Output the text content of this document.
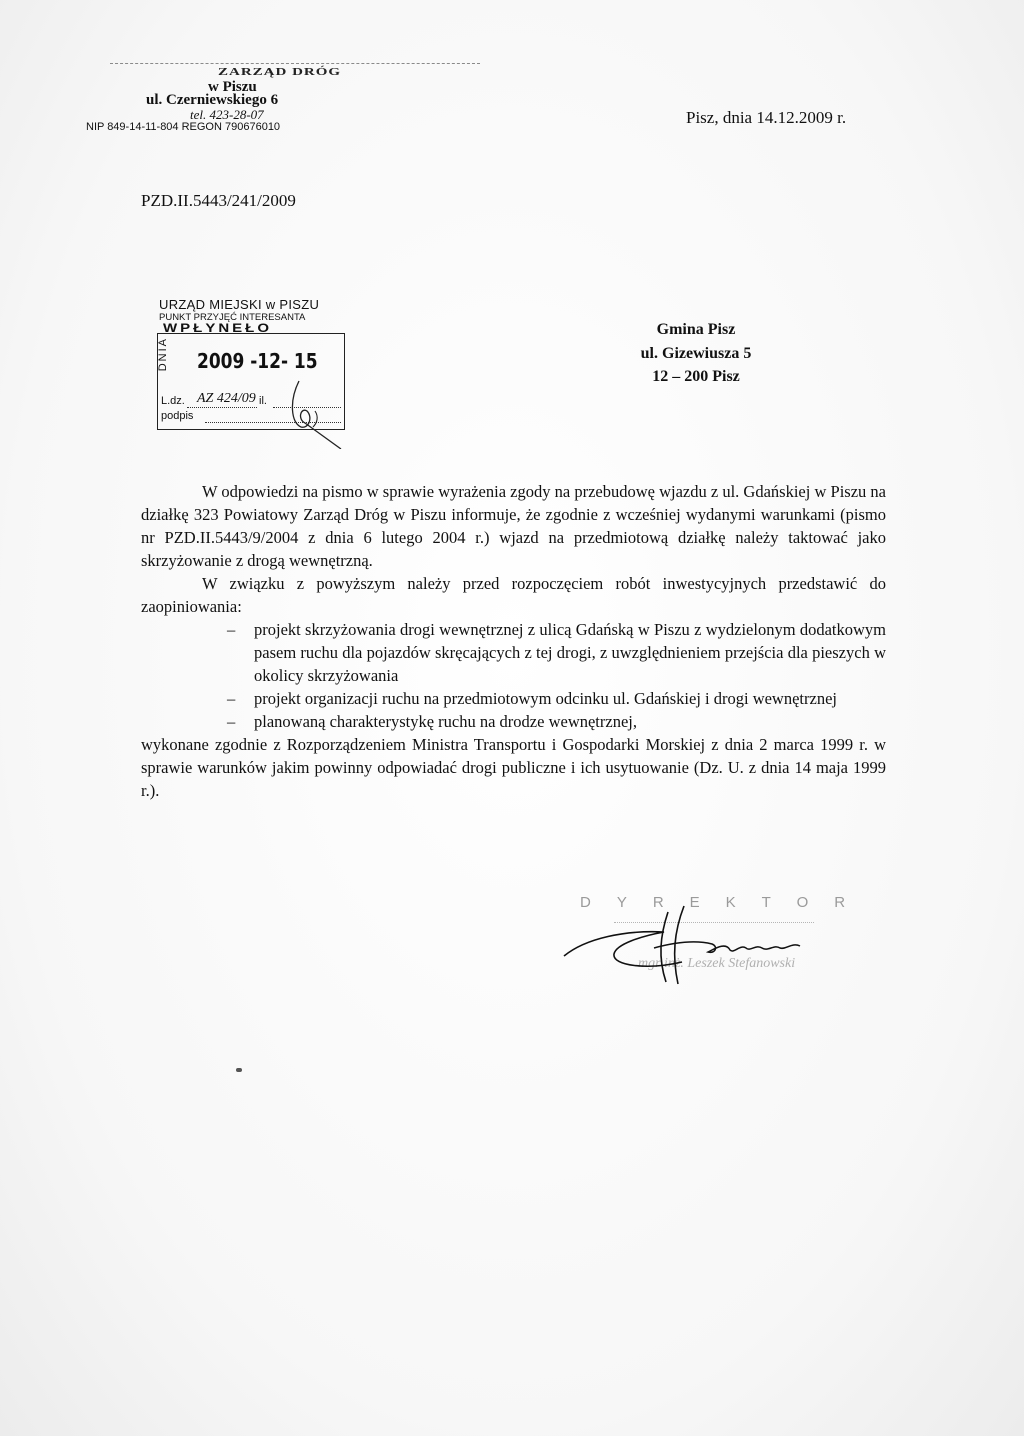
ZARZĄD DRÓG
w Piszu
ul. Czerniewskiego 6
tel. 423-28-07
NIP 849-14-11-804 REGON 790676010	Pisz, dnia 14.12.2009 r.
PZD.II.5443/241/2009
URZĄD MIEJSKI w PISZU
PUNKT PRZYJĘĆ INTERESANTA
WPŁYNEŁO
DNIA 2009 -12- 15
L.dz. AZ 424/09 il.
podpis
Gmina Pisz
ul. Gizewiusza 5
12 – 200 Pisz

W odpowiedzi na pismo w sprawie wyrażenia zgody na przebudowę wjazdu z ul. Gdańskiej w Piszu na działkę 323 Powiatowy Zarząd Dróg w Piszu informuje, że zgodnie z wcześniej wydanymi warunkami (pismo nr PZD.II.5443/9/2004 z dnia 6 lutego 2004 r.) wjazd na przedmiotową działkę należy taktować jako skrzyżowanie z drogą wewnętrzną.

W związku z powyższym należy przed rozpoczęciem robót inwestycyjnych przedstawić do zaopiniowania:

– projekt skrzyżowania drogi wewnętrznej z ulicą Gdańską w Piszu z wydzielonym dodatkowym pasem ruchu dla pojazdów skręcających z tej drogi, z uwzględnieniem przejścia dla pieszych w okolicy skrzyżowania
– projekt organizacji ruchu na przedmiotowym odcinku ul. Gdańskiej i drogi wewnętrznej
– planowaną charakterystykę ruchu na drodze wewnętrznej,

wykonane zgodnie z Rozporządzeniem Ministra Transportu i Gospodarki Morskiej z dnia 2 marca 1999 r. w sprawie warunków jakim powinny odpowiadać drogi publiczne i ich usytuowanie (Dz. U. z dnia 14 maja 1999 r.).

DYREKTOR
mgr inż. Leszek Stefanowski
